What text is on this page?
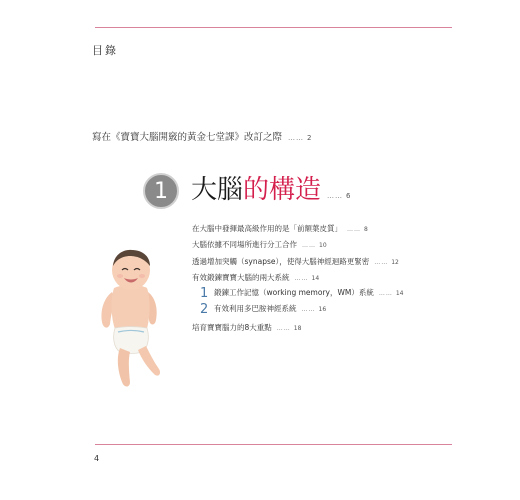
目錄
寫在《寶寶大腦開竅的黃金七堂課》改訂之際 …… 2
1 大腦的構造 …… 6
在大腦中發揮最高級作用的是「前額葉皮質」 …… 8
大腦依據不同場所進行分工合作 …… 10
透過增加突觸（synapse），使得大腦神經迴路更緊密 …… 12
有效鍛鍊寶寶大腦的兩大系統 …… 14
1 鍛鍊工作記憶（working memory，WM）系統 …… 14
2 有效利用多巴胺神經系統 …… 16
培育寶寶腦力的8大重點 …… 18
4
